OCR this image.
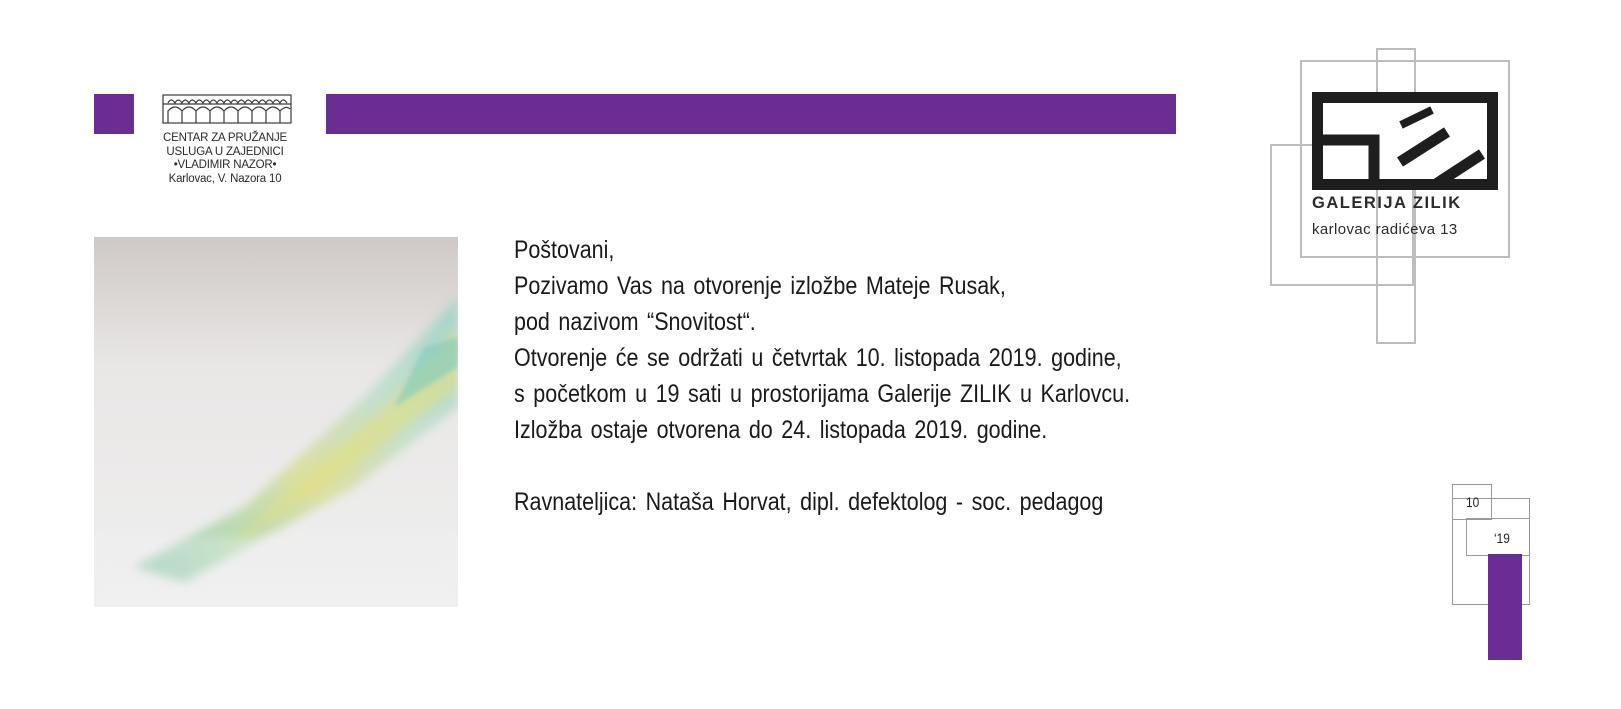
CENTAR ZA PRUŽANJE
USLUGA U ZAJEDNICI
•VLADIMIR NAZOR•
Karlovac, V. Nazora 10
Poštovani,
Pozivamo Vas na otvorenje izložbe Mateje Rusak,
pod nazivom “Snovitost“.
Otvorenje će se održati u četvrtak 10. listopada 2019. godine,
s početkom u 19 sati u prostorijama Galerije ZILIK u Karlovcu.
Izložba ostaje otvorena do 24. listopada 2019. godine.
Ravnateljica: Nataša Horvat, dipl. defektolog - soc. pedagog
GALERIJA ZILIK
karlovac radićeva 13
10
‘19
